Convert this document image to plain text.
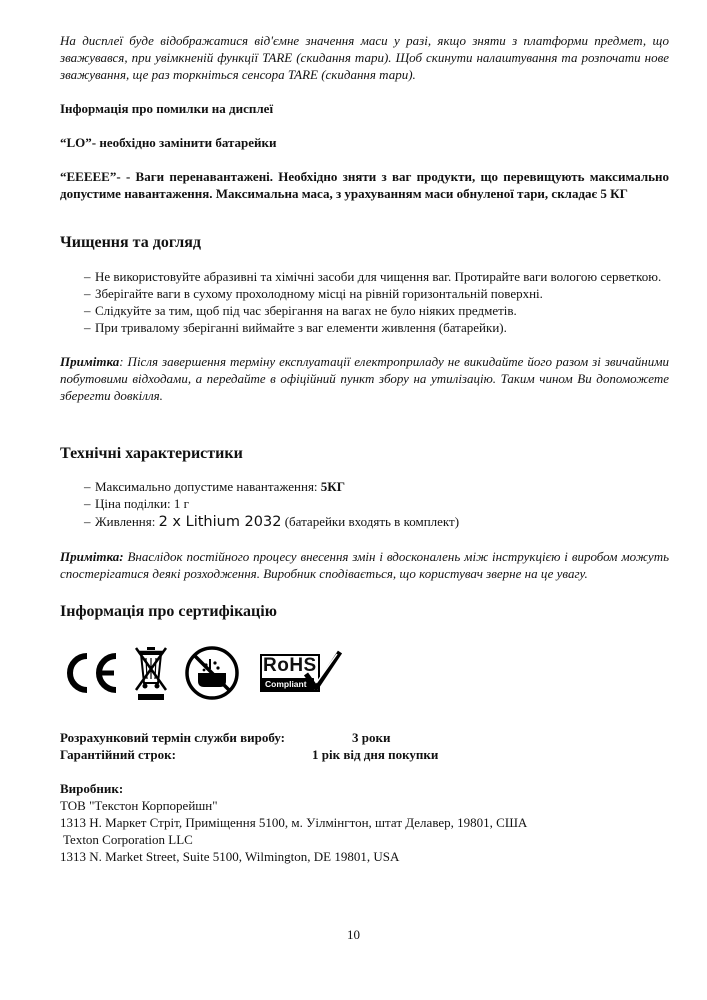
На дисплеї буде відображатися від'ємне значення маси у разі, якщо зняти з платформи предмет, що зважувався, при увімкненій функції TARE (скидання тари). Щоб скинути налаштування та розпочати нове зважування, ще раз торкніться сенсора TARE (скидання тари).

Інформація про помилки на дисплеї

“LO”- необхідно замінити батарейки

“EEEEE”- - Ваги перенавантажені. Необхідно зняти з ваг продукти, що перевищують максимально допустиме навантаження. Максимальна маса, з урахуванням маси обнуленої тари, складає 5 КГ

Чищення та догляд
– Не використовуйте абразивні та хімічні засоби для чищення ваг. Протирайте ваги вологою серветкою.
– Зберігайте ваги в сухому прохолодному місці на рівній горизонтальній поверхні.
– Слідкуйте за тим, щоб під час зберігання на вагах не було ніяких предметів.
– При тривалому зберіганні виймайте з ваг елементи живлення (батарейки).

Примітка: Після завершення терміну експлуатації електроприладу не викидайте його разом зі звичайними побутовими відходами, а передайте в офіційний пункт збору на утилізацію. Таким чином Ви допоможете зберегти довкілля.

Технічні характеристики
– Максимально допустиме навантаження: 5КГ
– Ціна поділки: 1 г
– Живлення: 2 x Lithium 2032 (батарейки входять в комплект)

Примітка: Внаслідок постійного процесу внесення змін і вдосконалень між інструкцією і виробом можуть спостерігатися деякі розходження. Виробник сподівається, що користувач зверне на це увагу.

Інформація про сертифікацію
RoHS
Compliant
Розрахунковий термін служби виробу:	3 роки
Гарантійний строк:	1 рік від дня покупки

Виробник:

ТОВ "Текстон Корпорейшн"

1313 Н. Маркет Стріт, Приміщення 5100, м. Уілмінгтон, штат Делавер, 19801, США

Texton Corporation LLC

1313 N. Market Street, Suite 5100, Wilmington, DE 19801, USA

10
